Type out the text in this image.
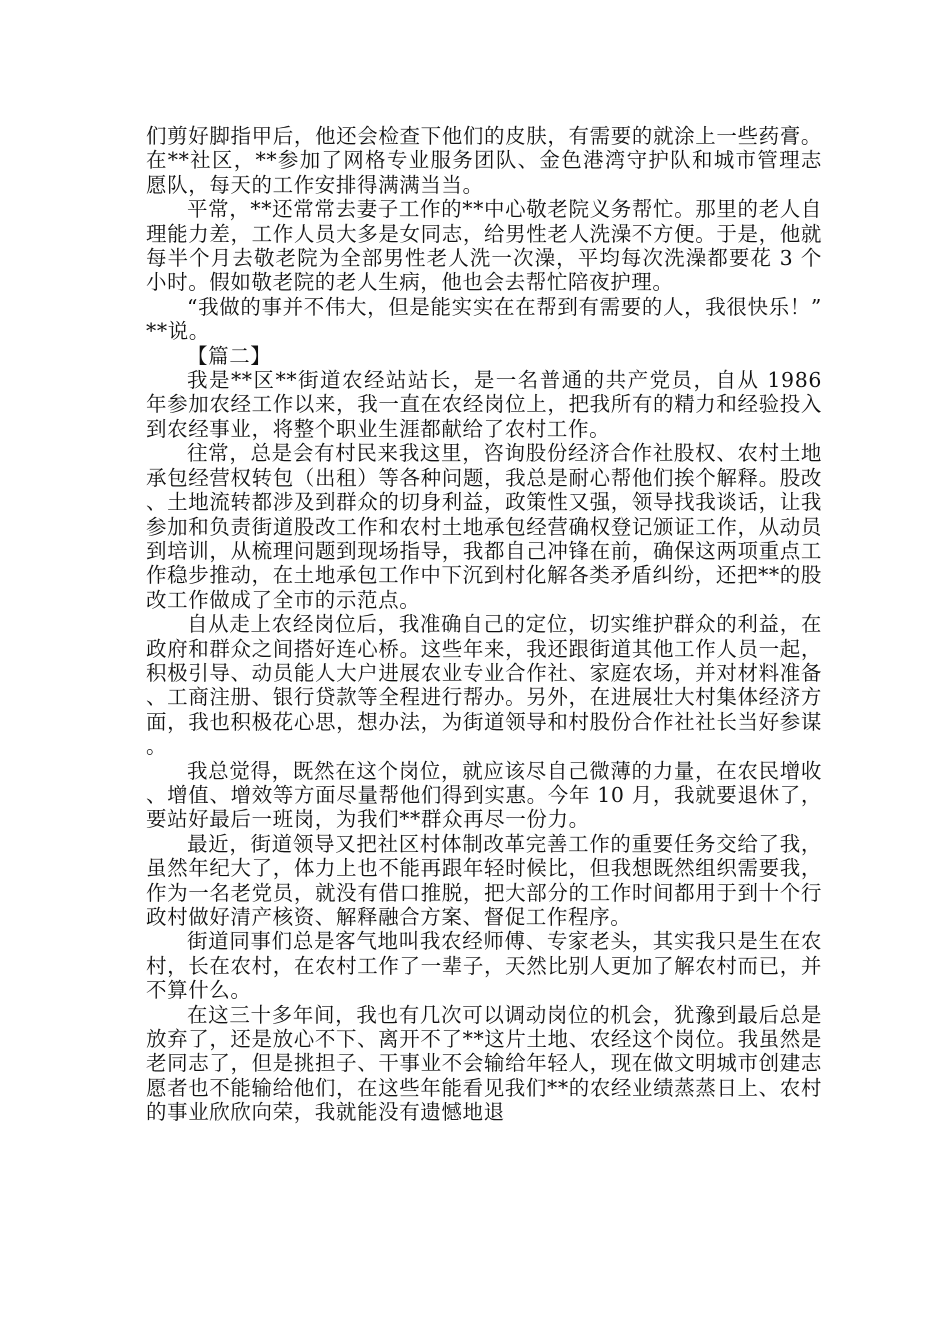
们剪好脚指甲后，他还会检查下他们的皮肤，有需要的就涂上一些药膏。在**社区，**参加了网格专业服务团队、金色港湾守护队和城市管理志愿队，每天的工作安排得满满当当。

平常，**还常常去妻子工作的**中心敬老院义务帮忙。那里的老人自理能力差，工作人员大多是女同志，给男性老人洗澡不方便。于是，他就每半个月去敬老院为全部男性老人洗一次澡，平均每次洗澡都要花 3 个小时。假如敬老院的老人生病，他也会去帮忙陪夜护理。

“我做的事并不伟大，但是能实实在在帮到有需要的人，我很快乐！”**说。

【篇二】

我是**区**街道农经站站长，是一名普通的共产党员，自从 1986 年参加农经工作以来，我一直在农经岗位上，把我所有的精力和经验投入到农经事业，将整个职业生涯都献给了农村工作。

往常，总是会有村民来我这里，咨询股份经济合作社股权、农村土地承包经营权转包（出租）等各种问题，我总是耐心帮他们挨个解释。股改、土地流转都涉及到群众的切身利益，政策性又强，领导找我谈话，让我参加和负责街道股改工作和农村土地承包经营确权登记颁证工作，从动员到培训，从梳理问题到现场指导，我都自己冲锋在前，确保这两项重点工作稳步推动，在土地承包工作中下沉到村化解各类矛盾纠纷，还把**的股改工作做成了全市的示范点。

自从走上农经岗位后，我准确自己的定位，切实维护群众的利益，在政府和群众之间搭好连心桥。这些年来，我还跟街道其他工作人员一起，积极引导、动员能人大户进展农业专业合作社、家庭农场，并对材料准备、工商注册、银行贷款等全程进行帮办。另外，在进展壮大村集体经济方面，我也积极花心思，想办法，为街道领导和村股份合作社社长当好参谋。

我总觉得，既然在这个岗位，就应该尽自己微薄的力量，在农民增收、增值、增效等方面尽量帮他们得到实惠。今年 10 月，我就要退休了，要站好最后一班岗，为我们**群众再尽一份力。

最近，街道领导又把社区村体制改革完善工作的重要任务交给了我，虽然年纪大了，体力上也不能再跟年轻时候比，但我想既然组织需要我，作为一名老党员，就没有借口推脱，把大部分的工作时间都用于到十个行政村做好清产核资、解释融合方案、督促工作程序。

街道同事们总是客气地叫我农经师傅、专家老头，其实我只是生在农村，长在农村，在农村工作了一辈子，天然比别人更加了解农村而已，并不算什么。

在这三十多年间，我也有几次可以调动岗位的机会，犹豫到最后总是放弃了，还是放心不下、离开不了**这片土地、农经这个岗位。我虽然是老同志了，但是挑担子、干事业不会输给年轻人，现在做文明城市创建志愿者也不能输给他们，在这些年能看见我们**的农经业绩蒸蒸日上、农村的事业欣欣向荣，我就能没有遗憾地退
